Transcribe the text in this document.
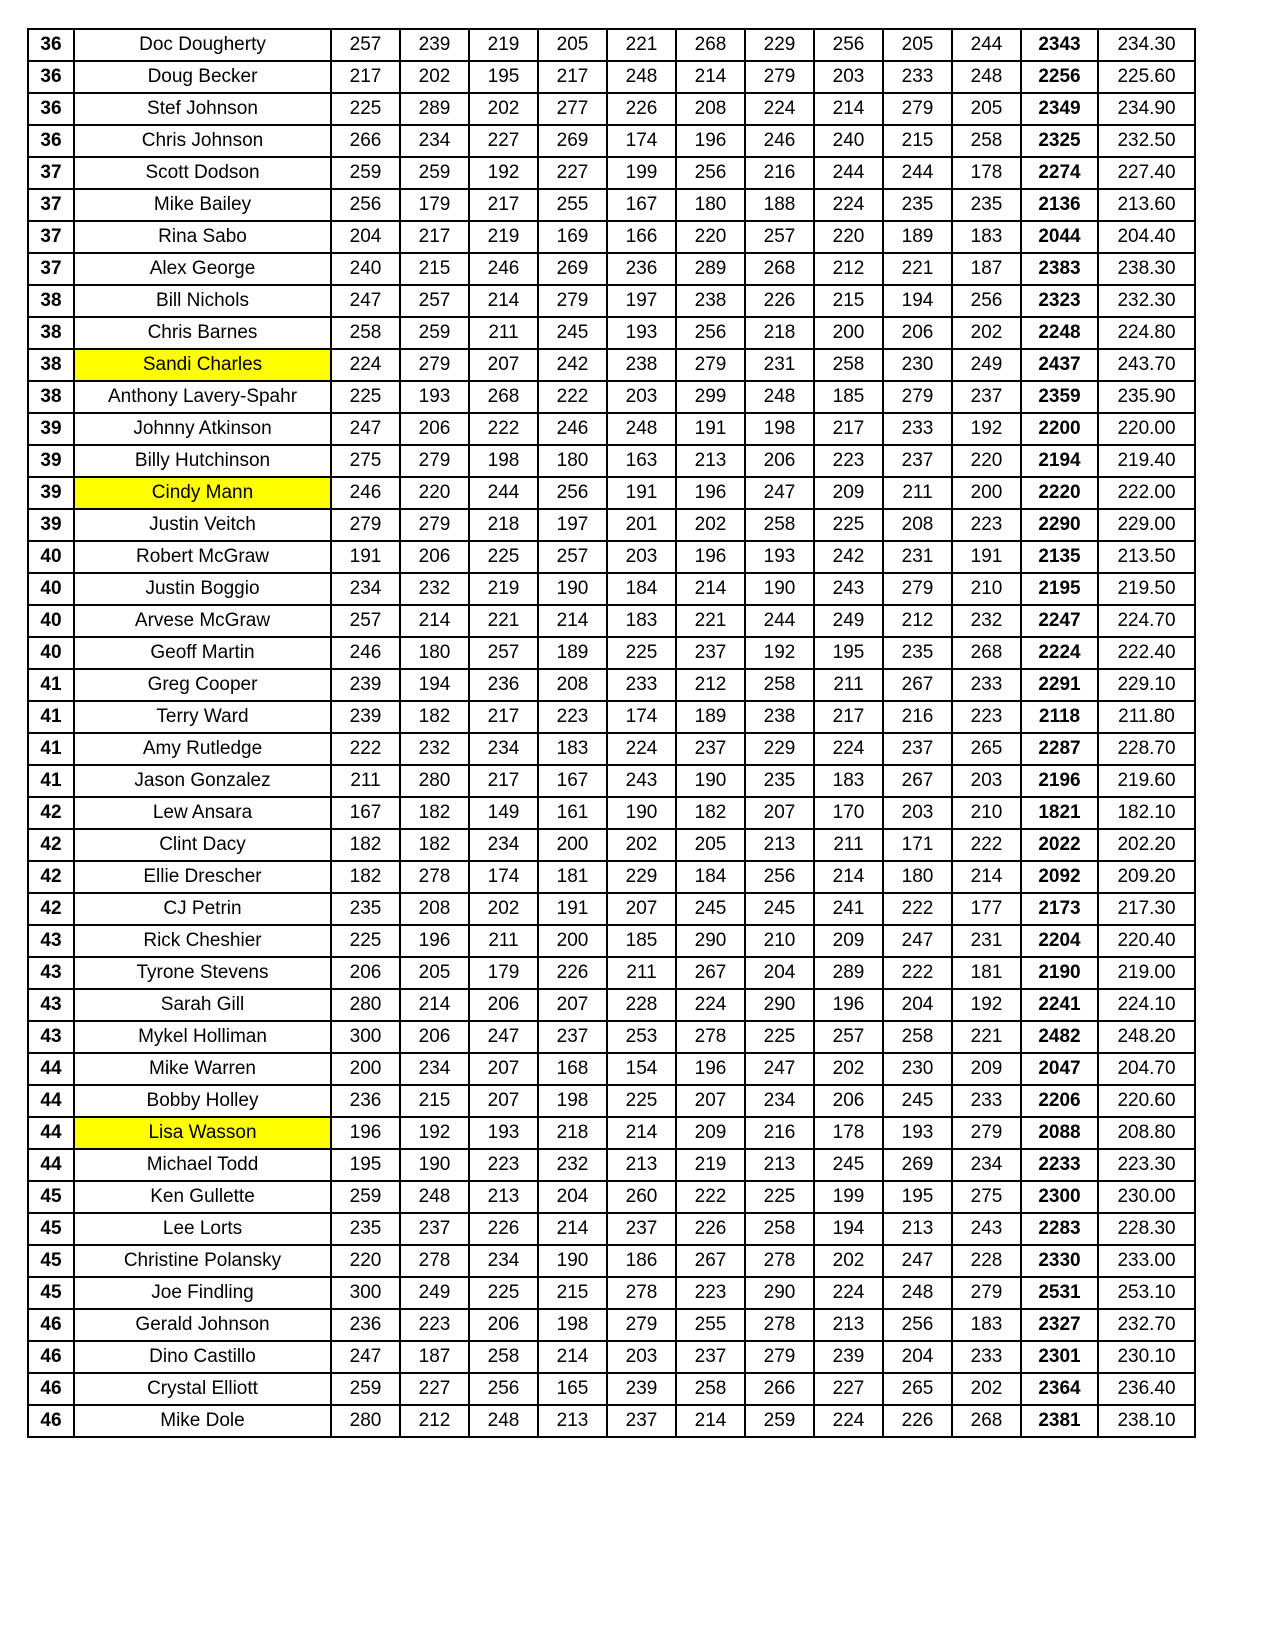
36	Doc Dougherty	257	239	219	205	221	268	229	256	205	244	2343	234.30
36	Doug Becker	217	202	195	217	248	214	279	203	233	248	2256	225.60
36	Stef Johnson	225	289	202	277	226	208	224	214	279	205	2349	234.90
36	Chris Johnson	266	234	227	269	174	196	246	240	215	258	2325	232.50
37	Scott Dodson	259	259	192	227	199	256	216	244	244	178	2274	227.40
37	Mike Bailey	256	179	217	255	167	180	188	224	235	235	2136	213.60
37	Rina Sabo	204	217	219	169	166	220	257	220	189	183	2044	204.40
37	Alex George	240	215	246	269	236	289	268	212	221	187	2383	238.30
38	Bill Nichols	247	257	214	279	197	238	226	215	194	256	2323	232.30
38	Chris Barnes	258	259	211	245	193	256	218	200	206	202	2248	224.80
38	Sandi Charles	224	279	207	242	238	279	231	258	230	249	2437	243.70
38	Anthony Lavery-Spahr	225	193	268	222	203	299	248	185	279	237	2359	235.90
39	Johnny Atkinson	247	206	222	246	248	191	198	217	233	192	2200	220.00
39	Billy Hutchinson	275	279	198	180	163	213	206	223	237	220	2194	219.40
39	Cindy Mann	246	220	244	256	191	196	247	209	211	200	2220	222.00
39	Justin Veitch	279	279	218	197	201	202	258	225	208	223	2290	229.00
40	Robert McGraw	191	206	225	257	203	196	193	242	231	191	2135	213.50
40	Justin Boggio	234	232	219	190	184	214	190	243	279	210	2195	219.50
40	Arvese McGraw	257	214	221	214	183	221	244	249	212	232	2247	224.70
40	Geoff Martin	246	180	257	189	225	237	192	195	235	268	2224	222.40
41	Greg Cooper	239	194	236	208	233	212	258	211	267	233	2291	229.10
41	Terry Ward	239	182	217	223	174	189	238	217	216	223	2118	211.80
41	Amy Rutledge	222	232	234	183	224	237	229	224	237	265	2287	228.70
41	Jason Gonzalez	211	280	217	167	243	190	235	183	267	203	2196	219.60
42	Lew Ansara	167	182	149	161	190	182	207	170	203	210	1821	182.10
42	Clint Dacy	182	182	234	200	202	205	213	211	171	222	2022	202.20
42	Ellie Drescher	182	278	174	181	229	184	256	214	180	214	2092	209.20
42	CJ Petrin	235	208	202	191	207	245	245	241	222	177	2173	217.30
43	Rick Cheshier	225	196	211	200	185	290	210	209	247	231	2204	220.40
43	Tyrone Stevens	206	205	179	226	211	267	204	289	222	181	2190	219.00
43	Sarah Gill	280	214	206	207	228	224	290	196	204	192	2241	224.10
43	Mykel Holliman	300	206	247	237	253	278	225	257	258	221	2482	248.20
44	Mike Warren	200	234	207	168	154	196	247	202	230	209	2047	204.70
44	Bobby Holley	236	215	207	198	225	207	234	206	245	233	2206	220.60
44	Lisa Wasson	196	192	193	218	214	209	216	178	193	279	2088	208.80
44	Michael Todd	195	190	223	232	213	219	213	245	269	234	2233	223.30
45	Ken Gullette	259	248	213	204	260	222	225	199	195	275	2300	230.00
45	Lee Lorts	235	237	226	214	237	226	258	194	213	243	2283	228.30
45	Christine Polansky	220	278	234	190	186	267	278	202	247	228	2330	233.00
45	Joe Findling	300	249	225	215	278	223	290	224	248	279	2531	253.10
46	Gerald Johnson	236	223	206	198	279	255	278	213	256	183	2327	232.70
46	Dino Castillo	247	187	258	214	203	237	279	239	204	233	2301	230.10
46	Crystal Elliott	259	227	256	165	239	258	266	227	265	202	2364	236.40
46	Mike Dole	280	212	248	213	237	214	259	224	226	268	2381	238.10
